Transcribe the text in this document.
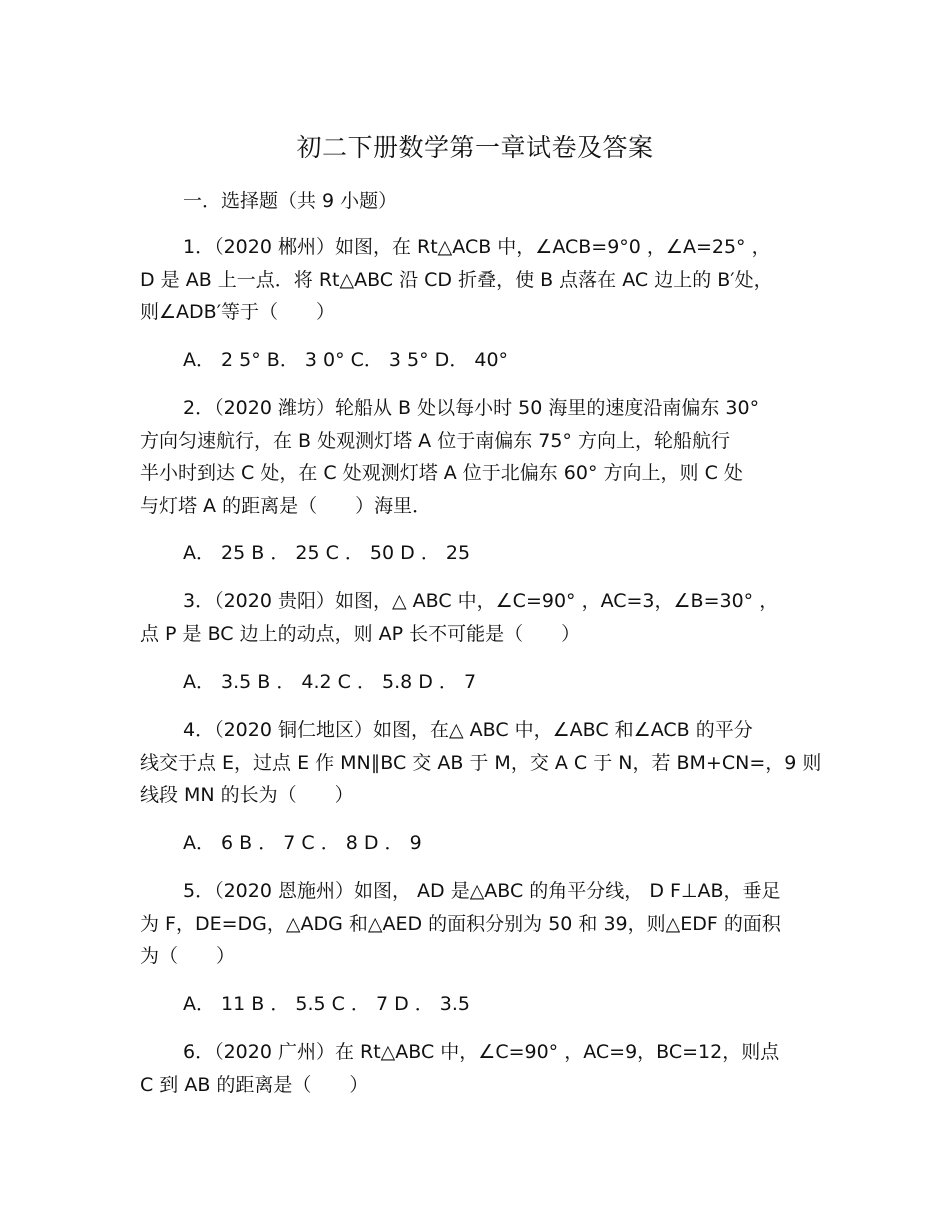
初二下册数学第一章试卷及答案
一．选择题（共 9 小题）
1．（2020 郴州）如图，在 Rt△ACB 中，∠ACB=9°0 ，∠A=25° ，
D 是 AB 上一点．将 Rt△ABC 沿 CD 折叠，使 B 点落在 AC 边上的 B′处，
则∠ADB′等于（　　）
A． 2 5° B． 3 0° C． 3 5° D． 40°
2．（2020 潍坊）轮船从 B 处以每小时 50 海里的速度沿南偏东 30°
方向匀速航行，在 B 处观测灯塔 A 位于南偏东 75° 方向上，轮船航行
半小时到达 C 处，在 C 处观测灯塔 A 位于北偏东 60° 方向上，则 C 处
与灯塔 A 的距离是（　　）海里．
A． 25 B ． 25 C ． 50 D ． 25
3．（2020 贵阳）如图，△ ABC 中，∠C=90° ，AC=3，∠B=30° ，
点 P 是 BC 边上的动点，则 AP 长不可能是（　　）
A． 3.5 B ． 4.2 C ． 5.8 D ． 7
4．（2020 铜仁地区）如图，在△ ABC 中，∠ABC 和∠ACB 的平分
线交于点 E，过点 E 作 MN∥BC 交 AB 于 M，交 A C 于 N，若 BM+CN=，9 则
线段 MN 的长为（　　）
A． 6 B ． 7 C ． 8 D ． 9
5．（2020 恩施州）如图， AD 是△ABC 的角平分线， D F⊥AB，垂足
为 F，DE=DG，△ADG 和△AED 的面积分别为 50 和 39，则△EDF 的面积
为（　　）
A． 11 B ． 5.5 C ． 7 D ． 3.5
6．（2020 广州）在 Rt△ABC 中，∠C=90° ，AC=9，BC=12，则点
C 到 AB 的距离是（　　）
